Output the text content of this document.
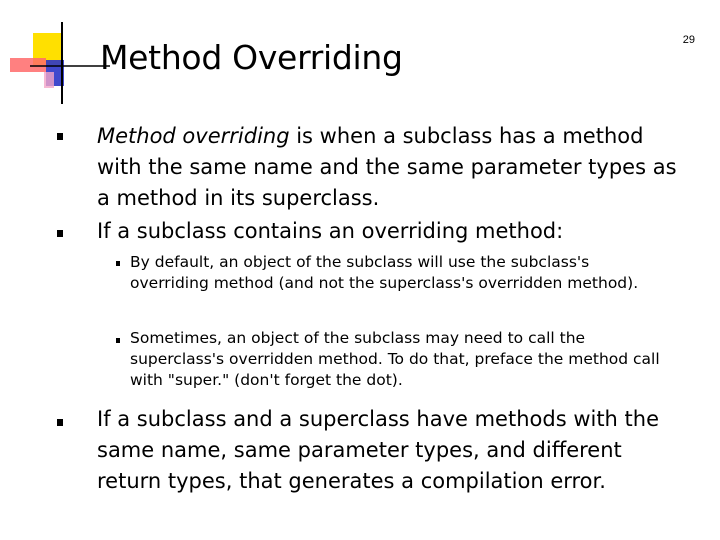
29
Method Overriding
Method overriding is when a subclass has a method with the same name and the same parameter types as a method in its superclass.
If a subclass contains an overriding method:
By default, an object of the subclass will use the subclass's overriding method (and not the superclass's overridden method).
Sometimes, an object of the subclass may need to call the superclass's overridden method. To do that, preface the method call with "super." (don't forget the dot).
If a subclass and a superclass have methods with the same name, same parameter types, and different return types, that generates a compilation error.
